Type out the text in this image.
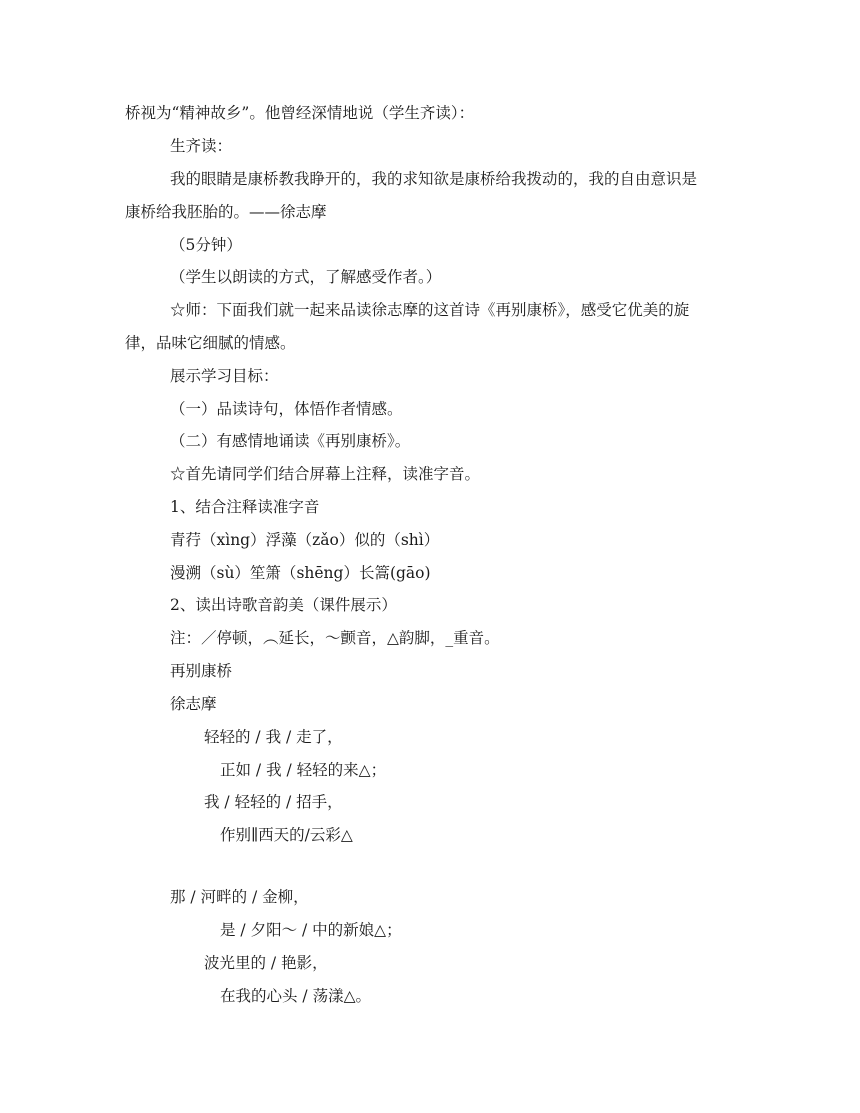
桥视为“精神故乡”。他曾经深情地说（学生齐读）：
生齐读：
我的眼睛是康桥教我睁开的，我的求知欲是康桥给我拨动的，我的自由意识是
康桥给我胚胎的。——徐志摩
（5分钟）
（学生以朗读的方式，了解感受作者。）
☆师：下面我们就一起来品读徐志摩的这首诗《再别康桥》，感受它优美的旋
律，品味它细腻的情感。
展示学习目标：
（一）品读诗句，体悟作者情感。
（二）有感情地诵读《再别康桥》。
☆首先请同学们结合屏幕上注释，读准字音。
1、结合注释读准字音
青荇（xìng）浮藻（zǎo）似的（shì）
漫溯（sù）笙箫（shēng）长篙(gāo)
2、读出诗歌音韵美（课件展示）
注：／停顿，︵延长，～颤音，△韵脚，_重音。
再别康桥
徐志摩
轻轻的 / 我 / 走了，
正如 / 我 / 轻轻的来△；
我 / 轻轻的 / 招手，
作别∥西天的/云彩△
那 / 河畔的 / 金柳，
是 / 夕阳～ / 中的新娘△；
波光里的 / 艳影，
在我的心头 / 荡漾△。
